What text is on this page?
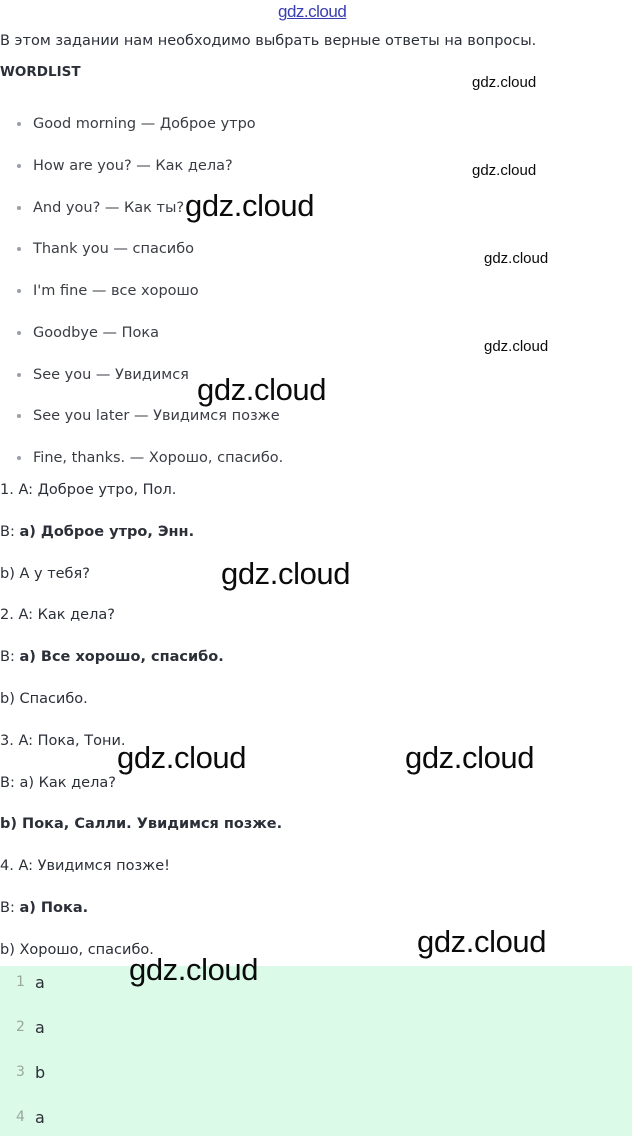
gdz.cloud
В этом задании нам необходимо выбрать верные ответы на вопросы.
WORDLIST
Good morning — Доброе утро
How are you? — Как дела?
And you? — Как ты?
Thank you — спасибо
I'm fine — все хорошо
Goodbye — Пока
See you — Увидимся
See you later — Увидимся позже
Fine, thanks. — Хорошо, спасибо.

1. A: Доброе утро, Пол.

B: а) Доброе утро, Энн.

b) А у тебя?

2. A: Как дела?

B: а) Все хорошо, спасибо.

b) Спасибо.

3. A: Пока, Тони.

B: а) Как дела?

b) Пока, Салли. Увидимся позже.

4. A: Увидимся позже!

B: а) Пока.

b) Хорошо, спасибо.

1 a
2 a
3 b
4 a
gdz.cloud
gdz.cloud
gdz.cloud
gdz.cloud
gdz.cloud
gdz.cloud
gdz.cloud
gdz.cloud	gdz.cloud
gdz.cloud
gdz.cloud
